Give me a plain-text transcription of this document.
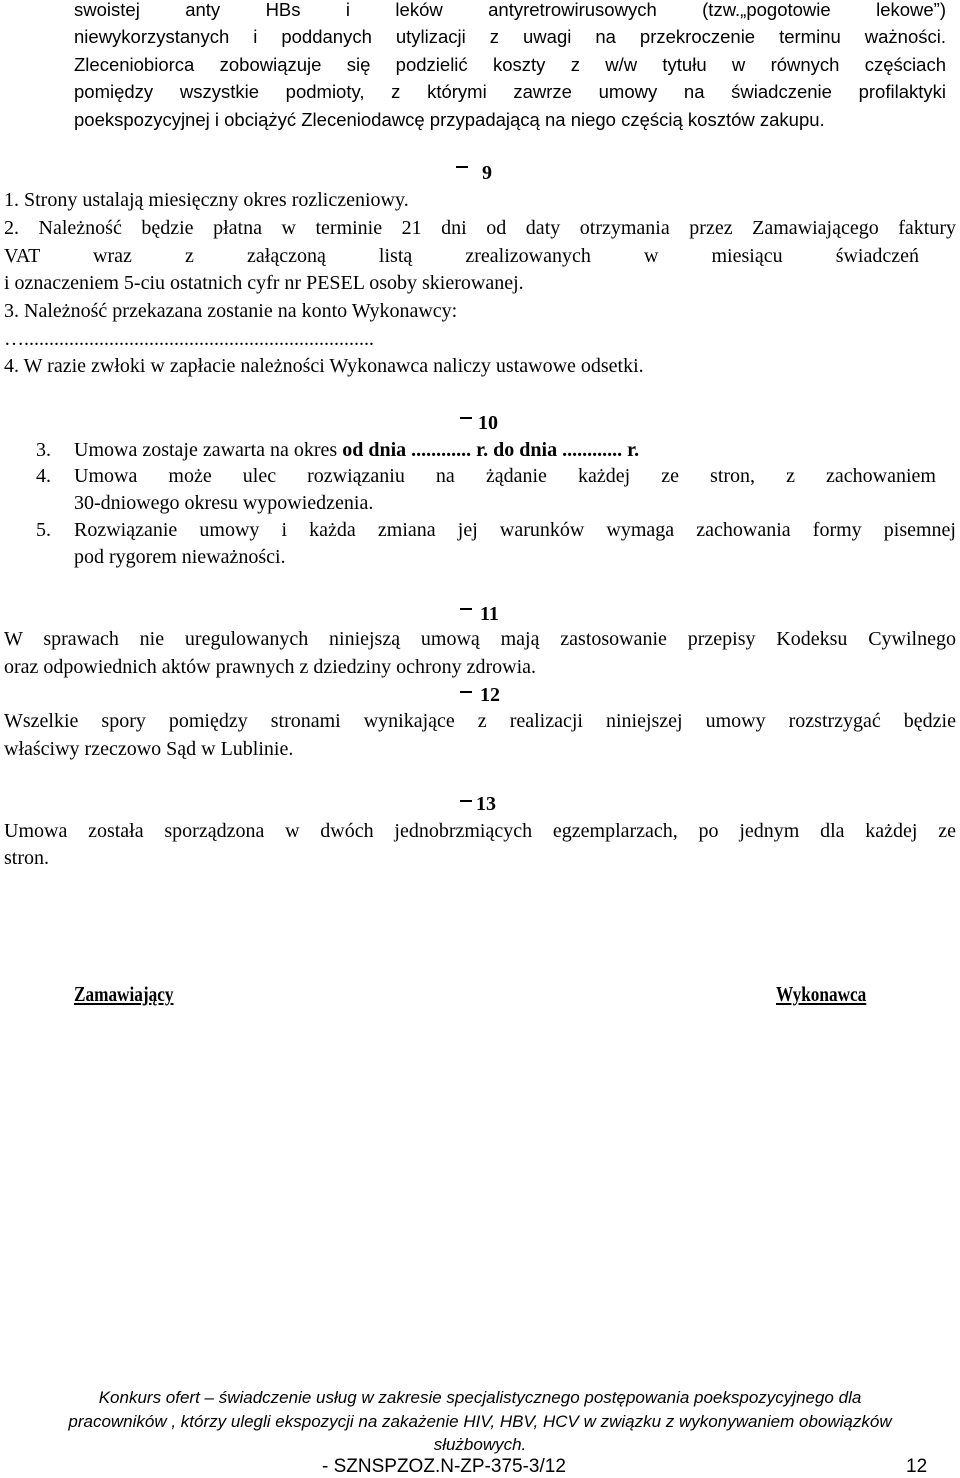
swoistej anty HBs i leków antyretrowirusowych (tzw.„pogotowie lekowe”)
niewykorzystanych i poddanych utylizacji z uwagi na przekroczenie terminu ważności.
Zleceniobiorca zobowiązuje się podzielić koszty z w/w tytułu w równych częściach
pomiędzy wszystkie podmioty, z którymi zawrze umowy na świadczenie profilaktyki
poekspozycyjnej i obciążyć Zleceniodawcę przypadającą na niego częścią kosztów zakupu.
9
1. Strony ustalają miesięczny okres rozliczeniowy.
2. Należność będzie płatna w terminie 21 dni od daty otrzymania przez Zamawiającego faktury
VAT wraz z załączoną listą zrealizowanych w miesiącu świadczeń
i oznaczeniem 5-ciu ostatnich cyfr nr PESEL osoby skierowanej.
3. Należność przekazana zostanie na konto Wykonawcy:
…......................................................................
4. W razie zwłoki w zapłacie należności Wykonawca naliczy ustawowe odsetki.
10
3. Umowa zostaje zawarta na okres od dnia ............ r. do dnia ............ r.
4. Umowa może ulec rozwiązaniu na żądanie każdej ze stron, z zachowaniem
30-dniowego okresu wypowiedzenia.
5. Rozwiązanie umowy i każda zmiana jej warunków wymaga zachowania formy pisemnej
pod rygorem nieważności.
11
W sprawach nie uregulowanych niniejszą umową mają zastosowanie przepisy Kodeksu Cywilnego
oraz odpowiednich aktów prawnych z dziedziny ochrony zdrowia.
12
Wszelkie spory pomiędzy stronami wynikające z realizacji niniejszej umowy rozstrzygać będzie
właściwy rzeczowo Sąd w Lublinie.
13
Umowa została sporządzona w dwóch jednobrzmiących egzemplarzach, po jednym dla każdej ze
stron.
Zamawiający	Wykonawca
Konkurs ofert – świadczenie usług w zakresie specjalistycznego postępowania poekspozycyjnego dla
pracowników , którzy ulegli ekspozycji na zakażenie HIV, HBV, HCV w związku z wykonywaniem obowiązków
służbowych.
- SZNSPZOZ.N-ZP-375-3/12	12
